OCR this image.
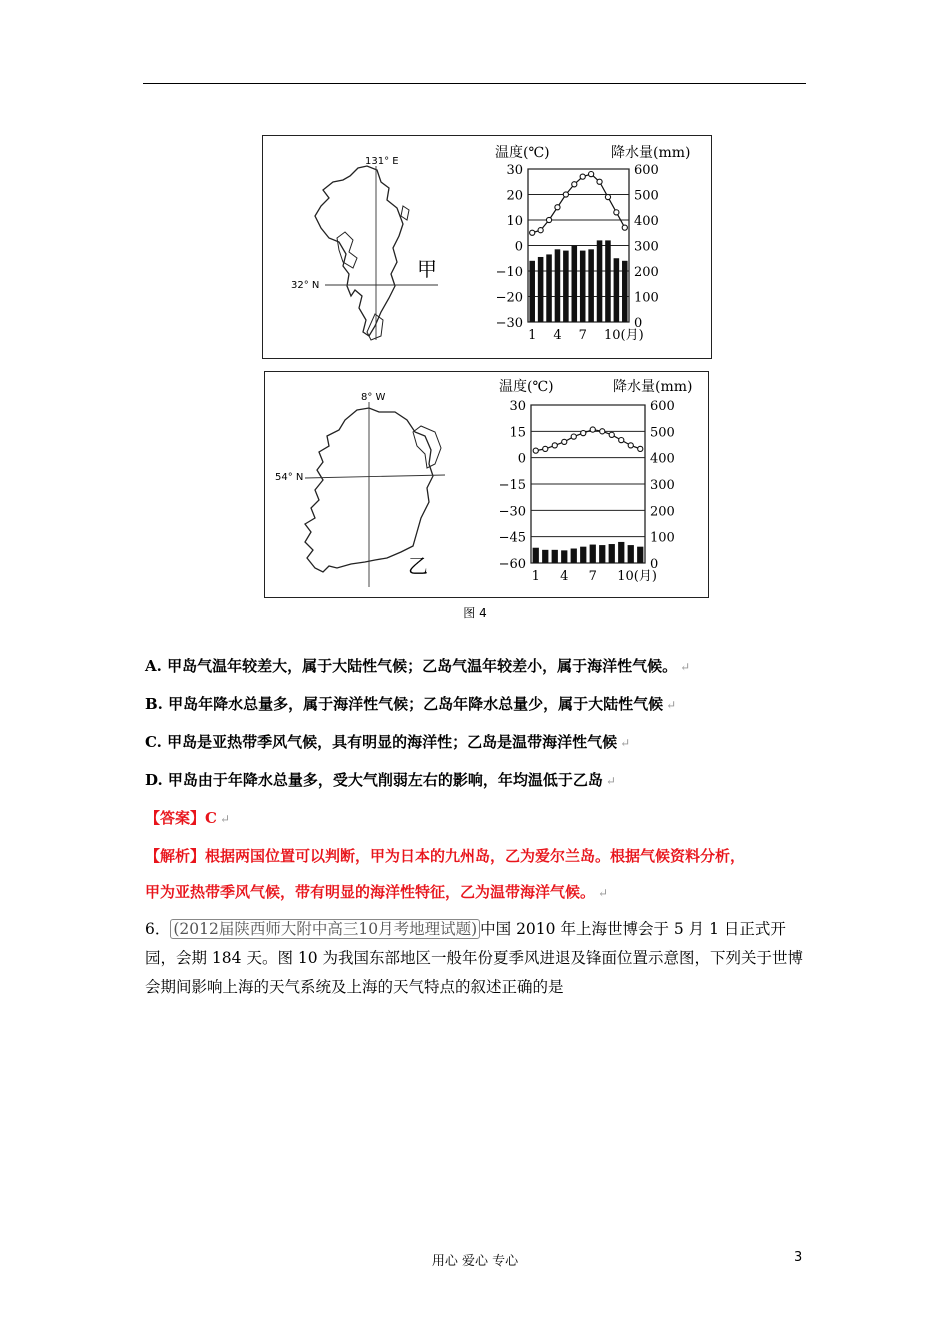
131° E
32° N
甲
温度(℃)	降水量(mm)
30
20
10
0
−10
−20
−30
600
500
400
300
200
100
0
1 4 7 10(月)
8° W
54° N
乙
温度(℃)	降水量(mm)
30
15
0
−15
−30
−45
−60
600
500
400
300
200
100
0
1 4 7 10(月)
图 4
A. 甲岛气温年较差大，属于大陆性气候；乙岛气温年较差小，属于海洋性气候。 ↵
B. 甲岛年降水总量多，属于海洋性气候；乙岛年降水总量少，属于大陆性气候 ↵
C. 甲岛是亚热带季风气候，具有明显的海洋性；乙岛是温带海洋性气候 ↵
D. 甲岛由于年降水总量多，受大气削弱左右的影响，年均温低于乙岛 ↵
【答案】C ↵
【解析】根据两国位置可以判断，甲为日本的九州岛，乙为爱尔兰岛。根据气候资料分析，
甲为亚热带季风气候，带有明显的海洋性特征，乙为温带海洋气候。 ↵
6． (2012届陕西师大附中高三10月考地理试题) 中国 2010 年上海世博会于 5 月 1 日正式开园，会期 184 天。图 10 为我国东部地区一般年份夏季风进退及锋面位置示意图，下列关于世博会期间影响上海的天气系统及上海的天气特点的叙述正确的是
用心 爱心 专心	3
